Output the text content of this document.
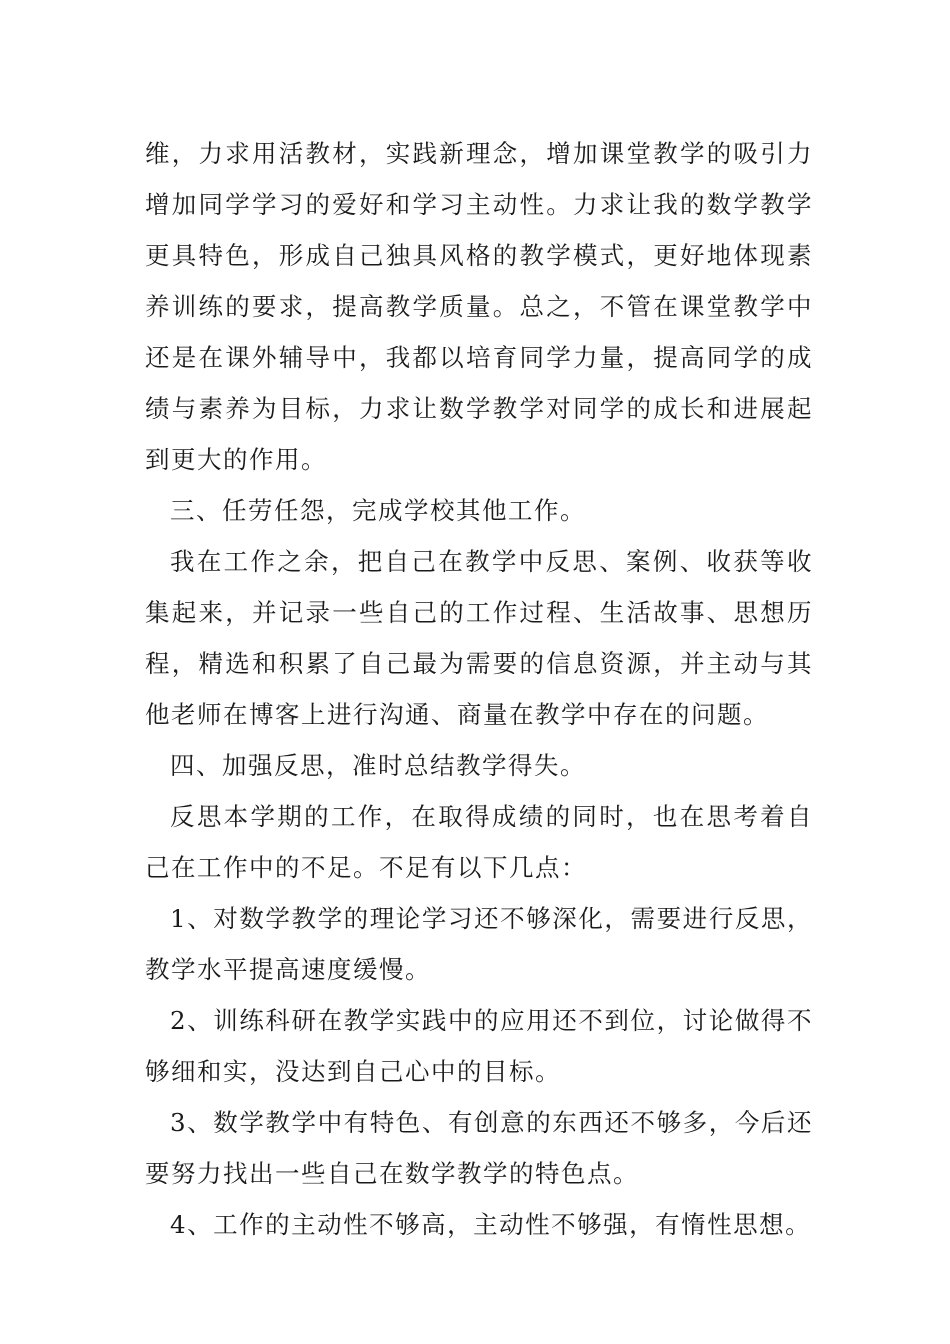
维，力求用活教材，实践新理念，增加课堂教学的吸引力增加同学学习的爱好和学习主动性。力求让我的数学教学更具特色，形成自己独具风格的教学模式，更好地体现素养训练的要求，提高教学质量。总之，不管在课堂教学中还是在课外辅导中，我都以培育同学力量，提高同学的成绩与素养为目标，力求让数学教学对同学的成长和进展起到更大的作用。

三、任劳任怨，完成学校其他工作。

我在工作之余，把自己在教学中反思、案例、收获等收集起来，并记录一些自己的工作过程、生活故事、思想历程，精选和积累了自己最为需要的信息资源，并主动与其他老师在博客上进行沟通、商量在教学中存在的问题。

四、加强反思，准时总结教学得失。

反思本学期的工作，在取得成绩的同时，也在思考着自己在工作中的不足。不足有以下几点：

1、对数学教学的理论学习还不够深化，需要进行反思，教学水平提高速度缓慢。

2、训练科研在教学实践中的应用还不到位，讨论做得不够细和实，没达到自己心中的目标。

3、数学教学中有特色、有创意的东西还不够多，今后还要努力找出一些自己在数学教学的特色点。

4、工作的主动性不够高，主动性不够强，有惰性思想。
